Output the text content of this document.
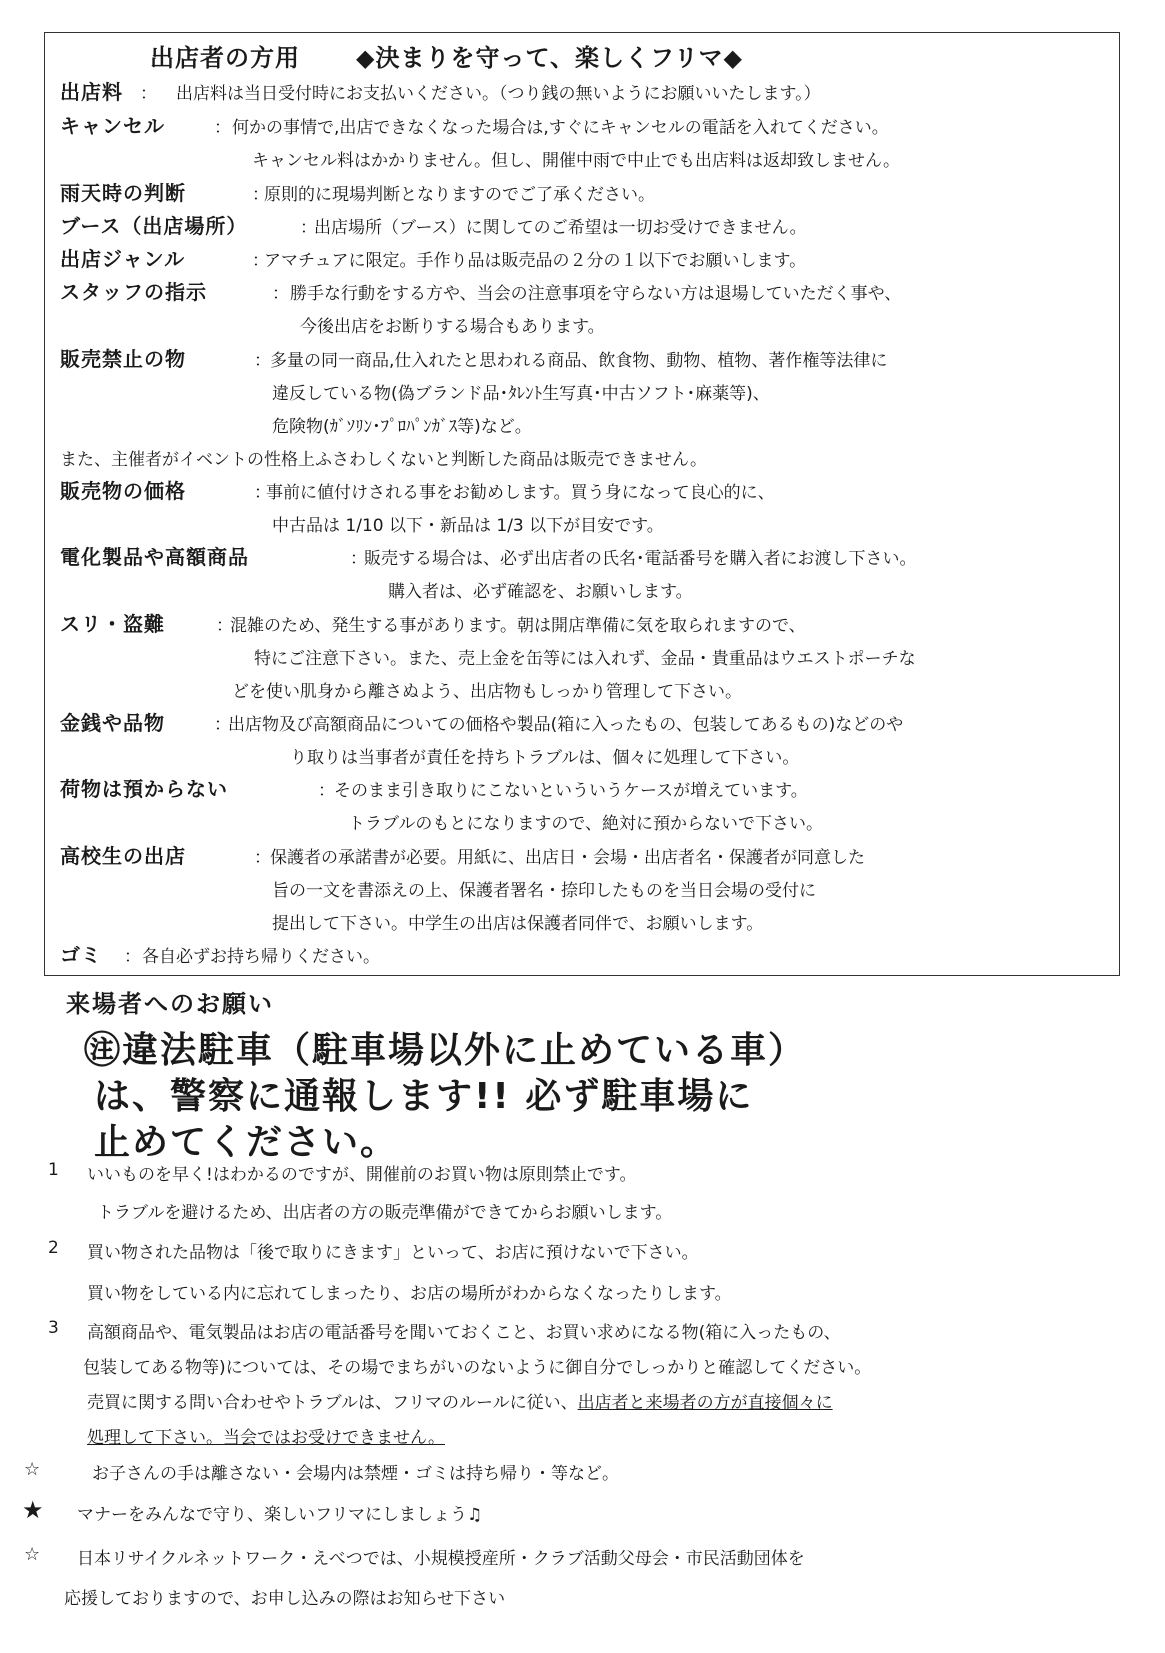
出店者の方用 ◆決まりを守って、楽しくフリマ◆
出店料 ： 出店料は当日受付時にお支払いください。（つり銭の無いようにお願いいたします。）
キャンセル	： 何かの事情で,出店できなくなった場合は,すぐにキャンセルの電話を入れてください。
キャンセル料はかかりません。但し、開催中雨で中止でも出店料は返却致しません。
雨天時の判断	：
原則的に現場判断となりますのでご了承ください。
ブース（出店場所）	：
出店場所（ブース）に関してのご希望は一切お受けできません。
出店ジャンル	：
アマチュアに限定。手作り品は販売品の２分の１以下でお願いします。
スタッフの指示	： 勝手な行動をする方や、当会の注意事項を守らない方は退場していただく事や、
今後出店をお断りする場合もあります。
販売禁止の物	： 多量の同一商品,仕入れたと思われる商品、飲食物、動物、植物、著作権等法律に
違反している物(偽ブランド品･ﾀﾚﾝﾄ生写真･中古ソフト･麻薬等)、
危険物(ｶﾞｿﾘﾝ･ﾌﾟﾛﾊﾟﾝｶﾞｽ等)など。
また、主催者がイベントの性格上ふさわしくないと判断した商品は販売できません。
販売物の価格	：
事前に値付けされる事をお勧めします。買う身になって良心的に、
中古品は 1/10 以下・新品は 1/3 以下が目安です。
電化製品や高額商品	：
販売する場合は、必ず出店者の氏名･電話番号を購入者にお渡し下さい。
購入者は、必ず確認を、お願いします。
スリ・盗難	：
混雑のため、発生する事があります。朝は開店準備に気を取られますので、
特にご注意下さい。また、売上金を缶等には入れず、金品・貴重品はウエストポーチな
どを使い肌身から離さぬよう、出店物もしっかり管理して下さい。
金銭や品物	：
出店物及び高額商品についての価格や製品(箱に入ったもの、包装してあるもの)などのや
り取りは当事者が責任を持ちトラブルは、個々に処理して下さい。
荷物は預からない	： そのまま引き取りにこないといういうケースが増えています。
トラブルのもとになりますので、絶対に預からないで下さい。
高校生の出店	： 保護者の承諾書が必要。用紙に、出店日・会場・出店者名・保護者が同意した
旨の一文を書添えの上、保護者署名・捺印したものを当日会場の受付に
提出して下さい。中学生の出店は保護者同伴で、お願いします。
ゴミ ： 各自必ずお持ち帰りください。
来場者へのお願い
㊟違法駐車（駐車場以外に止めている車）
は、警察に通報します!! 必ず駐車場に
止めてください。
1 いいものを早く!はわかるのですが、開催前のお買い物は原則禁止です。
トラブルを避けるため、出店者の方の販売準備ができてからお願いします。
2 買い物された品物は「後で取りにきます」といって、お店に預けないで下さい。
買い物をしている内に忘れてしまったり、お店の場所がわからなくなったりします。
3 高額商品や、電気製品はお店の電話番号を聞いておくこと、お買い求めになる物(箱に入ったもの、
包装してある物等)については、その場でまちがいのないように御自分でしっかりと確認してください。
売買に関する問い合わせやトラブルは、フリマのルールに従い、出店者と来場者の方が直接個々に
処理して下さい。当会ではお受けできません。
☆	お子さんの手は離さない・会場内は禁煙・ゴミは持ち帰り・等など。
★ マナーをみんなで守り、楽しいフリマにしましょう♫
☆ 日本リサイクルネットワーク・えべつでは、小規模授産所・クラブ活動父母会・市民活動団体を
応援しておりますので、お申し込みの際はお知らせ下さい
